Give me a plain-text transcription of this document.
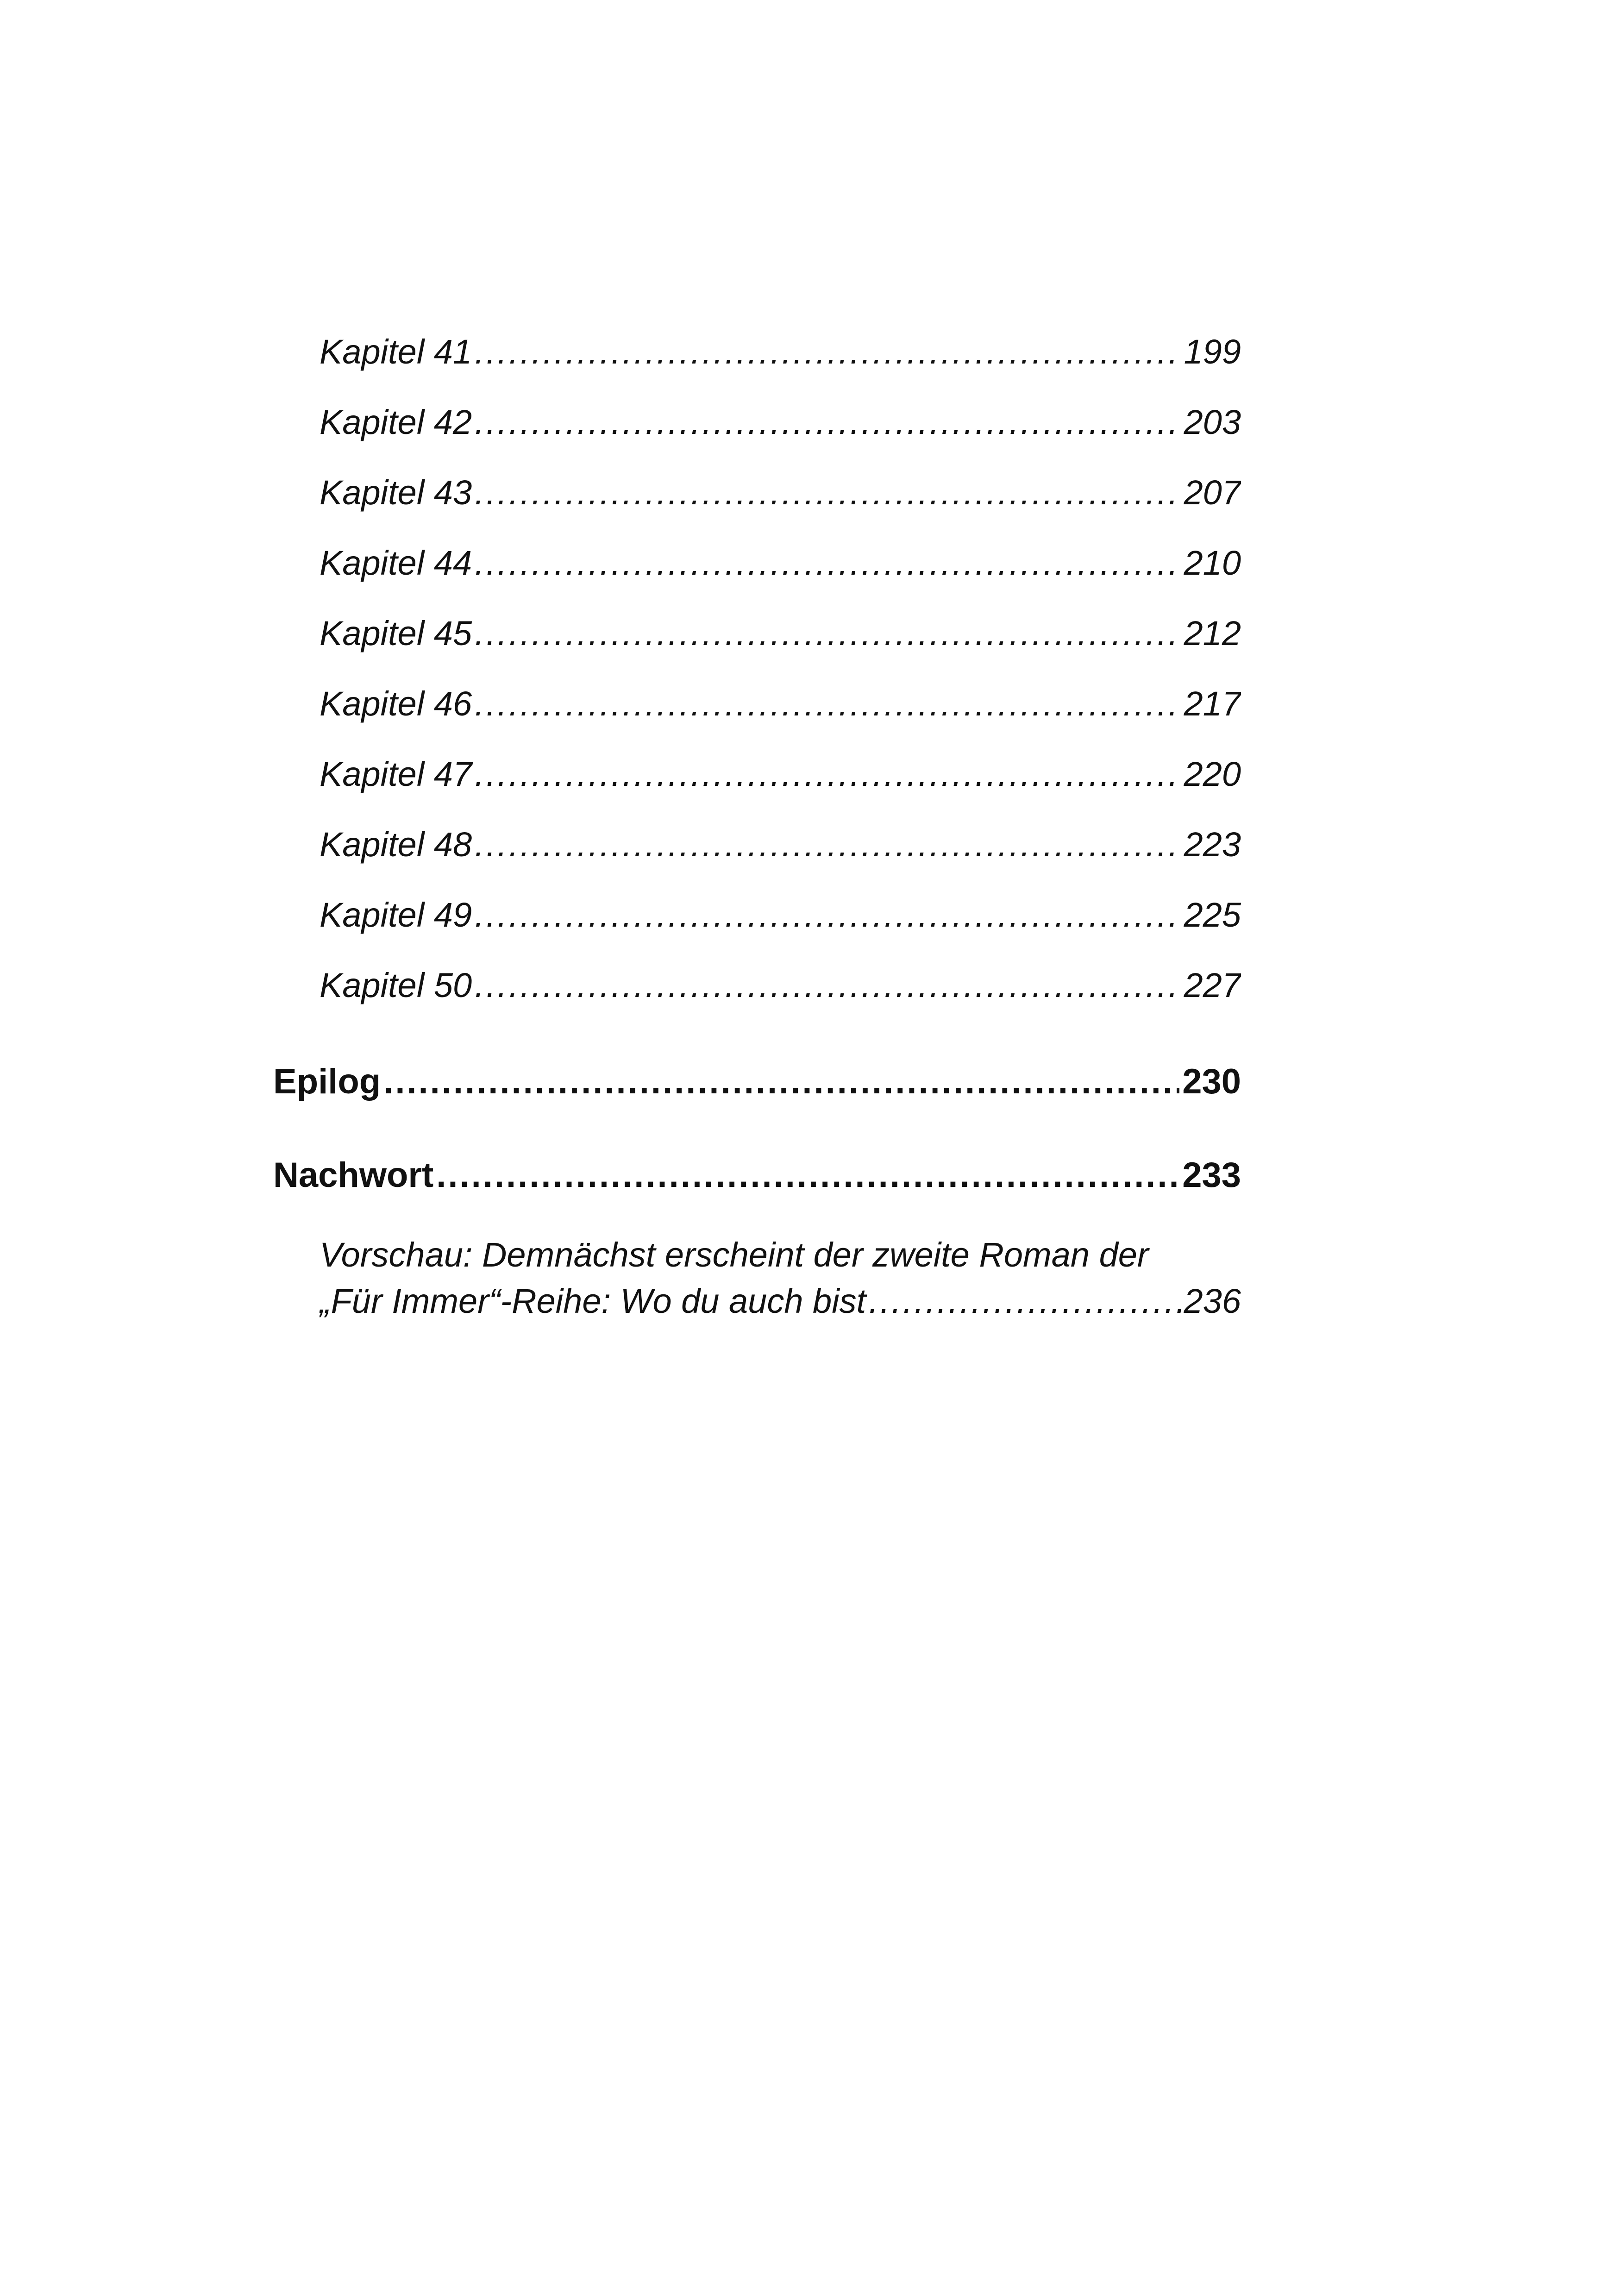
Kapitel 41 .....	199
Kapitel 42 .....	203
Kapitel 43 .....	207
Kapitel 44 .....	210
Kapitel 45 .....	212
Kapitel 46 .....	217
Kapitel 47 .....	220
Kapitel 48 .....	223
Kapitel 49 .....	225
Kapitel 50 .....	227
Epilog .....	230
Nachwort .....	233
Vorschau: Demnächst erscheint der zweite Roman der
„Für Immer“-Reihe: Wo du auch bist .....	236
